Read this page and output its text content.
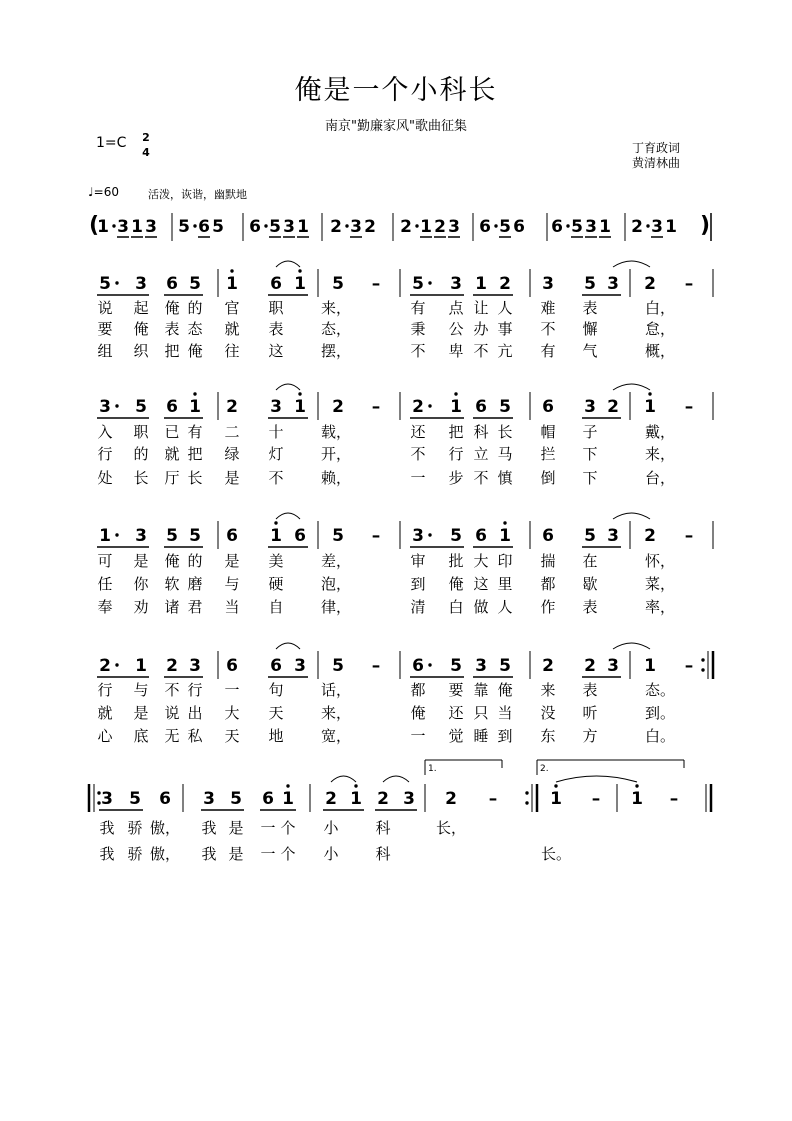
俺是一个小科长
南京"勤廉家风"歌曲征集
丁育政词
黄清林曲
1=C 2
4
♩=60	活泼，诙谐，幽默地
(	)
1 3 1 3 5 6 5 6 5 3 1 2 3 2 2 1 2 3 6 5 6 6 5 3 1 2 3 1
5 3 6 5 1 6 1 5 – 5 3 1 2 3 5 3 2 –
说 起 俺 的 官 职 来，	有 点 让 人 难 表	白，
要 俺 表 态 就 表 态，	秉 公 办 事 不 懈	怠，
组 织 把 俺 往 这 摆，	不 卑 不 亢 有 气	概，
3 5 6 1 2 3 1 2 – 2 1 6 5 6 3 2 1 –
入 职 已 有 二 十 载，	还 把 科 长 帽 子	戴，
行 的 就 把 绿 灯 开，	不 行 立 马 拦 下	来，
处 长 厅 长 是 不 赖，	一 步 不 慎 倒 下	台，
1 3 5 5 6 1 6 5 – 3 5 6 1 6 5 3 2 –
可 是 俺 的 是 美 差，	审 批 大 印 揣 在	怀，
任 你 软 磨 与 硬 泡，	到 俺 这 里 都 歇	菜，
奉 劝 诸 君 当 自 律，	清 白 做 人 作 表	率，
2 1 2 3 6 6 3 5 – 6 5 3 5 2 2 3 1 –
行 与 不 行 一 句 话，	都 要 靠 俺 来 表	态。
就 是 说 出 大 天 来，	俺 还 只 当 没 听	到。
心 底 无 私 天 地 宽，	一 觉 睡 到 东 方	白。
3 5 6 3 5 6 1 2 1 2 3 2 –	1 – 1 –
1.	2.
我 骄 傲， 我 是 一 个 小 科	长，
我 骄 傲， 我 是 一 个 小 科	长。
